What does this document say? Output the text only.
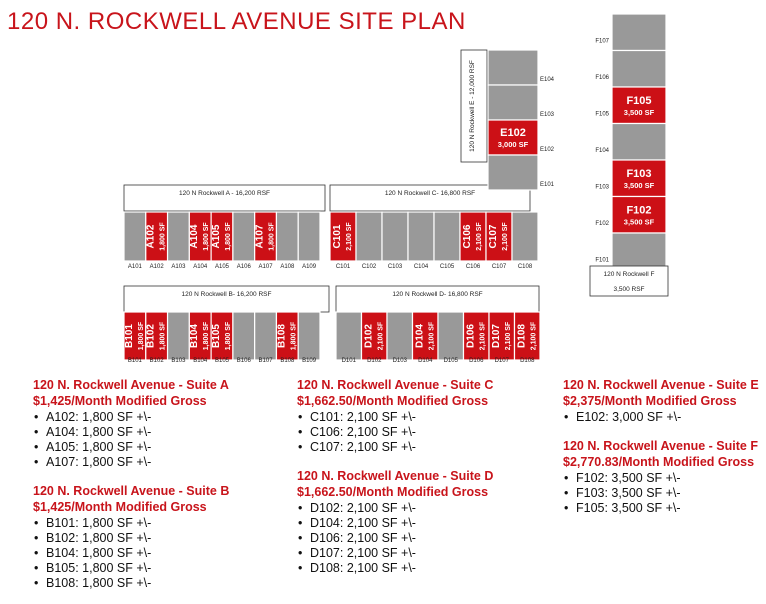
120 N. ROCKWELL AVENUE SITE PLAN
120 N Rockwell A - 16,200 RSF
A101
A102 1,800 SF
A102 A103
A104 1,800 SF
A104
A105 1,800 SF
A105 A106
A107 1,800 SF
A107 A108 A109
120 N Rockwell C- 16,800 RSF
C101 2,100 SF
C101 C102 C103 C104 C105
C106 2,100 SF
C106
C107 2,100 SF
C107 C108
120 N Rockwell B- 16,200 RSF
B101 1,800 SF
B101
B102 1,800 SF
B102 B103
B104 1,800 SF
B104
B105 1,800 SF
B105 B106 B107
B108 1,800 SF
B108 B109
120 N Rockwell D- 16,800 RSF
D101
D102 2,100 SF
D102 D103
D104 2,100 SF
D104 D105
D106 2,100 SF
D106
D107 2,100 SF
D107
D108 2,100 SF
D108
120 N Rockwell E - 12,000 RSF	E104
E103
E102
3,000 SF
E102
E101
F107
F106
F105
3,500 SF
F105
F104
F103
3,500 SF
F103
F102
3,500 SF
F102
F101
120 N Rockwell F
3,500 RSF
120 N. Rockwell Avenue - Suite A
$1,425/Month Modified Gross
• A102: 1,800 SF +\-
• A104: 1,800 SF +\-
• A105: 1,800 SF +\-
• A107: 1,800 SF +\-
120 N. Rockwell Avenue - Suite B
$1,425/Month Modified Gross
• B101: 1,800 SF +\-
• B102: 1,800 SF +\-
• B104: 1,800 SF +\-
• B105: 1,800 SF +\-
• B108: 1,800 SF +\-
120 N. Rockwell Avenue - Suite C
$1,662.50/Month Modified Gross
• C101: 2,100 SF +\-
• C106: 2,100 SF +\-
• C107: 2,100 SF +\-
120 N. Rockwell Avenue - Suite D
$1,662.50/Month Modified Gross
• D102: 2,100 SF +\-
• D104: 2,100 SF +\-
• D106: 2,100 SF +\-
• D107: 2,100 SF +\-
• D108: 2,100 SF +\-
120 N. Rockwell Avenue - Suite E
$2,375/Month Modified Gross
• E102: 3,000 SF +\-
120 N. Rockwell Avenue - Suite F
$2,770.83/Month Modified Gross
• F102: 3,500 SF +\-
• F103: 3,500 SF +\-
• F105: 3,500 SF +\-
